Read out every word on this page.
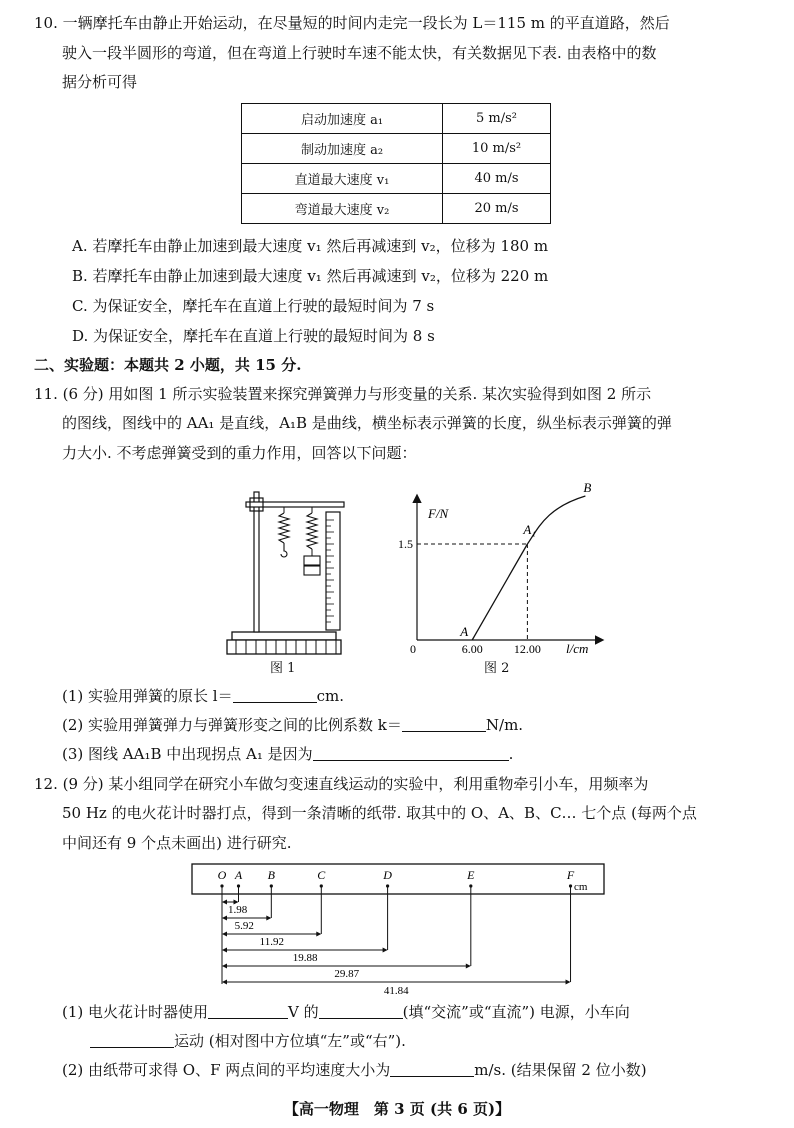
10. 一辆摩托车由静止开始运动，在尽量短的时间内走完一段长为 L＝115 m 的平直道路，然后
驶入一段半圆形的弯道，但在弯道上行驶时车速不能太快，有关数据见下表. 由表格中的数
据分析可得
启动加速度 a₁	5 m/s²
制动加速度 a₂	10 m/s²
直道最大速度 v₁	40 m/s
弯道最大速度 v₂	20 m/s
A. 若摩托车由静止加速到最大速度 v₁ 然后再减速到 v₂，位移为 180 m
B. 若摩托车由静止加速到最大速度 v₁ 然后再减速到 v₂，位移为 220 m
C. 为保证安全，摩托车在直道上行驶的最短时间为 7 s
D. 为保证安全，摩托车在直道上行驶的最短时间为 8 s
二、实验题：本题共 2 小题，共 15 分.
11. (6 分) 用如图 1 所示实验装置来探究弹簧弹力与形变量的关系. 某次实验得到如图 2 所示
的图线，图线中的 AA₁ 是直线，A₁B 是曲线，横坐标表示弹簧的长度，纵坐标表示弹簧的弹
力大小. 不考虑弹簧受到的重力作用，回答以下问题：
图 1
F/N
l/cm
0
1.5
6.00	12.00
A
A₁
B
图 2
(1) 实验用弹簧的原长 l＝	cm.
(2) 实验用弹簧弹力与弹簧形变之间的比例系数 k＝	N/m.
(3) 图线 AA₁B 中出现拐点 A₁ 是因为	.
12. (9 分) 某小组同学在研究小车做匀变速直线运动的实验中，利用重物牵引小车，用频率为
50 Hz 的电火花计时器打点，得到一条清晰的纸带. 取其中的 O、A、B、C… 七个点 (每两个点
中间还有 9 个点未画出) 进行研究.
O A B	C	D	E	F
cm
1.98
5.92
11.92
19.88
29.87
41.84
(1) 电火花计时器使用	V 的	(填“交流”或“直流”) 电源，小车向
运动 (相对图中方位填“左”或“右”).
(2) 由纸带可求得 O、F 两点间的平均速度大小为	m/s. (结果保留 2 位小数)
【高一物理　第 3 页 (共 6 页)】
